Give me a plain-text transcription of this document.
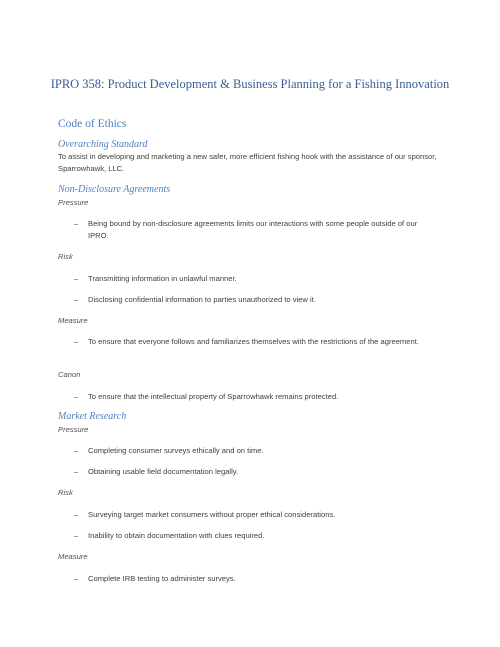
IPRO 358: Product Development & Business Planning for a Fishing Innovation
Code of Ethics
Overarching Standard
To assist in developing and marketing a new safer, more efficient fishing hook with the assistance of our sponsor, Sparrowhawk, LLC.
Non-Disclosure Agreements
Pressure
–	Being bound by non-disclosure agreements limits our interactions with some people outside of our IPRO.
Risk
–	Transmitting information in unlawful manner.
–	Disclosing confidential information to parties unauthorized to view it.
Measure
–	To ensure that everyone follows and familiarizes themselves with the restrictions of the agreement.
Canon
–	To ensure that the intellectual property of Sparrowhawk remains protected.
Market Research
Pressure
–	Completing consumer surveys ethically and on time.
–	Obtaining usable field documentation legally.
Risk
–	Surveying target market consumers without proper ethical considerations.
–	Inability to obtain documentation with clues required.
Measure
–	Complete IRB testing to administer surveys.
